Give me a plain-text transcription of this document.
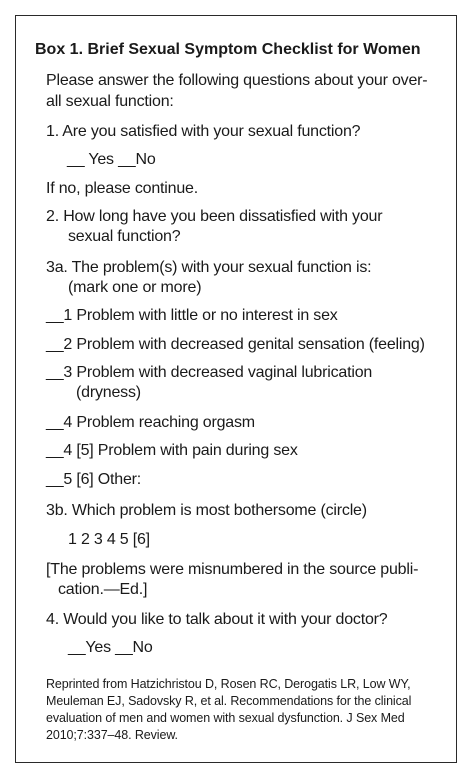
Box 1. Brief Sexual Symptom Checklist for Women
Please answer the following questions about your over-
all sexual function:
1. Are you satisfied with your sexual function?
__ Yes __No
If no, please continue.
2. How long have you been dissatisfied with your
sexual function?
3a. The problem(s) with your sexual function is:
(mark one or more)
__1 Problem with little or no interest in sex
__2 Problem with decreased genital sensation (feeling)
__3 Problem with decreased vaginal lubrication
(dryness)
__4 Problem reaching orgasm
__4 [5] Problem with pain during sex
__5 [6] Other:
3b. Which problem is most bothersome (circle)
1 2 3 4 5 [6]
[The problems were misnumbered in the source publi-
cation.—Ed.]
4. Would you like to talk about it with your doctor?
__Yes __No
Reprinted from Hatzichristou D, Rosen RC, Derogatis LR, Low WY,
Meuleman EJ, Sadovsky R, et al. Recommendations for the clinical
evaluation of men and women with sexual dysfunction. J Sex Med
2010;7:337–48. Review.
